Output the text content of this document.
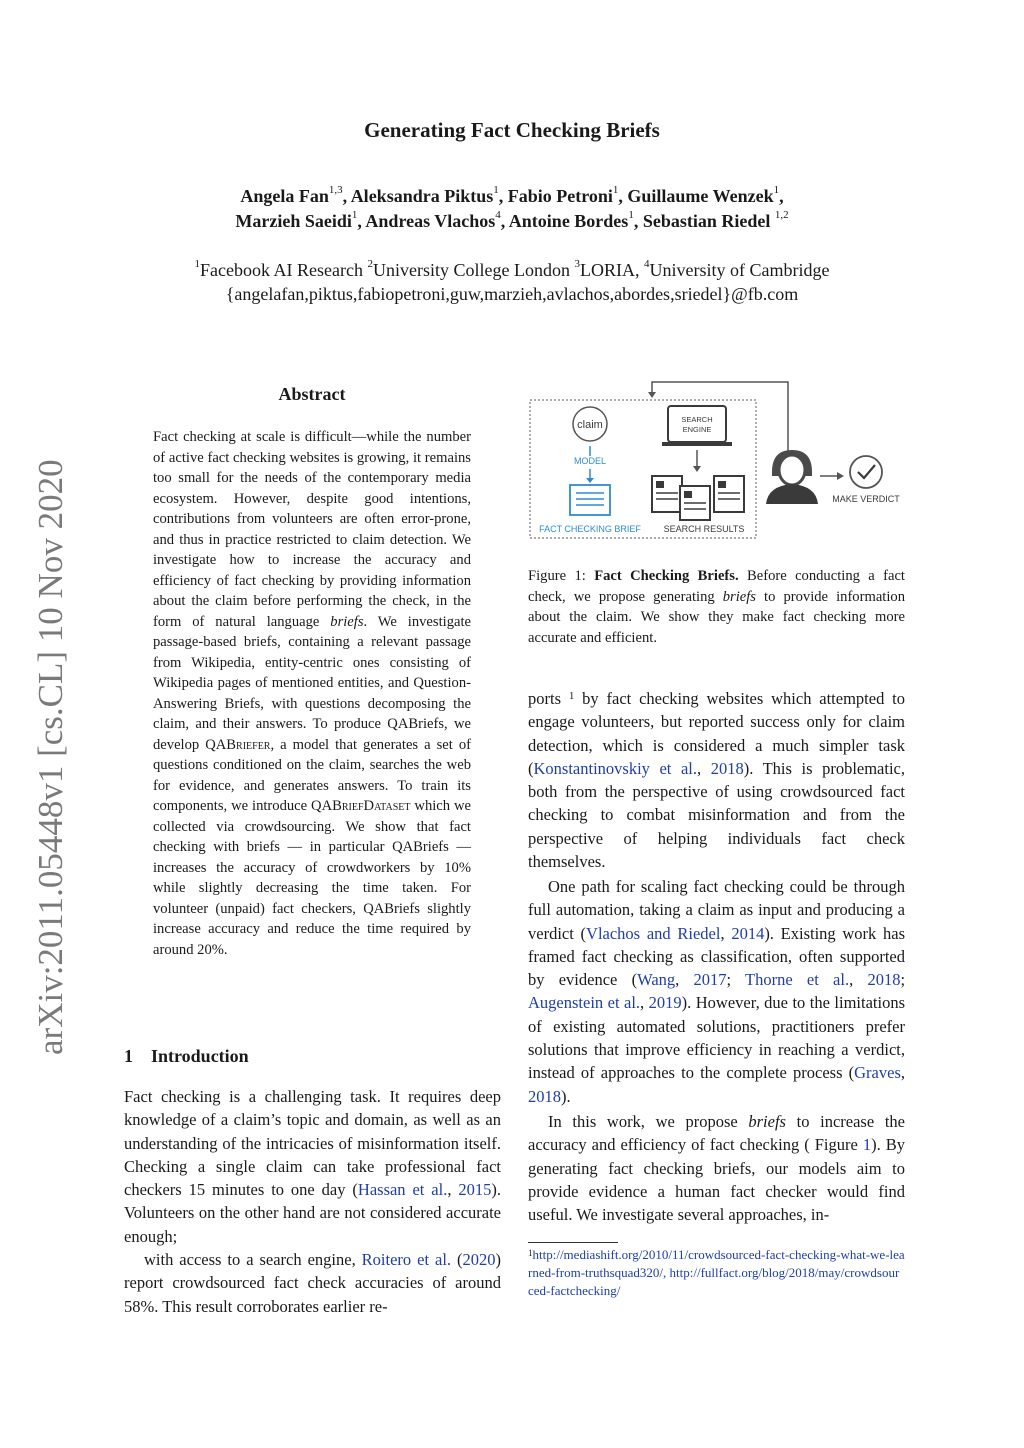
arXiv:2011.05448v1 [cs.CL] 10 Nov 2020
Generating Fact Checking Briefs
Angela Fan$^{1,3}$, Aleksandra Piktus$^1$, Fabio Petroni$^1$, Guillaume Wenzek$^1$,
Marzieh Saeidi$^1$, Andreas Vlachos$^4$, Antoine Bordes$^1$, Sebastian Riedel $^{1,2}$
$^1$Facebook AI Research $^2$University College London $^3$LORIA, $^4$University of Cambridge
{angelafan,piktus,fabiopetroni,guw,marzieh,avlachos,abordes,sriedel}@fb.com
Abstract
Fact checking at scale is difficult—while the number of active fact checking websites is growing, it remains too small for the needs of the contemporary media ecosystem. However, despite good intentions, contributions from volunteers are often error-prone, and thus in practice restricted to claim detection. We investigate how to increase the accuracy and efficiency of fact checking by providing information about the claim before performing the check, in the form of natural language briefs. We investigate passage-based briefs, containing a relevant passage from Wikipedia, entity-centric ones consisting of Wikipedia pages of mentioned entities, and Question-Answering Briefs, with questions decomposing the claim, and their answers. To produce QABriefs, we develop QABriefer, a model that generates a set of questions conditioned on the claim, searches the web for evidence, and generates answers. To train its components, we introduce QABriefDataset which we collected via crowdsourcing. We show that fact checking with briefs — in particular QABriefs — increases the accuracy of crowdworkers by 10% while slightly decreasing the time taken. For volunteer (unpaid) fact checkers, QABriefs slightly increase accuracy and reduce the time required by around 20%.
1 Introduction
Fact checking is a challenging task. It requires deep knowledge of a claim’s topic and domain, as well as an understanding of the intricacies of misinformation itself. Checking a single claim can take professional fact checkers 15 minutes to one day (Hassan et al., 2015). Volunteers on the other hand are not considered accurate enough;
with access to a search engine, Roitero et al. (2020) report crowdsourced fact check accuracies of around 58%. This result corroborates earlier re-
claim
MODEL
FACT CHECKING BRIEF
SEARCH
ENGINE
SEARCH RESULTS
MAKE VERDICT
Figure 1: Fact Checking Briefs. Before conducting a fact check, we propose generating briefs to provide information about the claim. We show they make fact checking more accurate and efficient.
ports $^1$ by fact checking websites which attempted to engage volunteers, but reported success only for claim detection, which is considered a much simpler task (Konstantinovskiy et al., 2018). This is problematic, both from the perspective of using crowdsourced fact checking to combat misinformation and from the perspective of helping individuals fact check themselves.
One path for scaling fact checking could be through full automation, taking a claim as input and producing a verdict (Vlachos and Riedel, 2014). Existing work has framed fact checking as classification, often supported by evidence (Wang, 2017; Thorne et al., 2018; Augenstein et al., 2019). However, due to the limitations of existing automated solutions, practitioners prefer solutions that improve efficiency in reaching a verdict, instead of approaches to the complete process (Graves, 2018).
In this work, we propose briefs to increase the accuracy and efficiency of fact checking ( Figure 1). By generating fact checking briefs, our models aim to provide evidence a human fact checker would find useful. We investigate several approaches, in-
$^1$http://mediashift.org/2010/11/crowdsourced-fact-checking-what-we-learned-from-truthsquad320/, http://fullfact.org/blog/2018/may/crowdsourced-factchecking/
